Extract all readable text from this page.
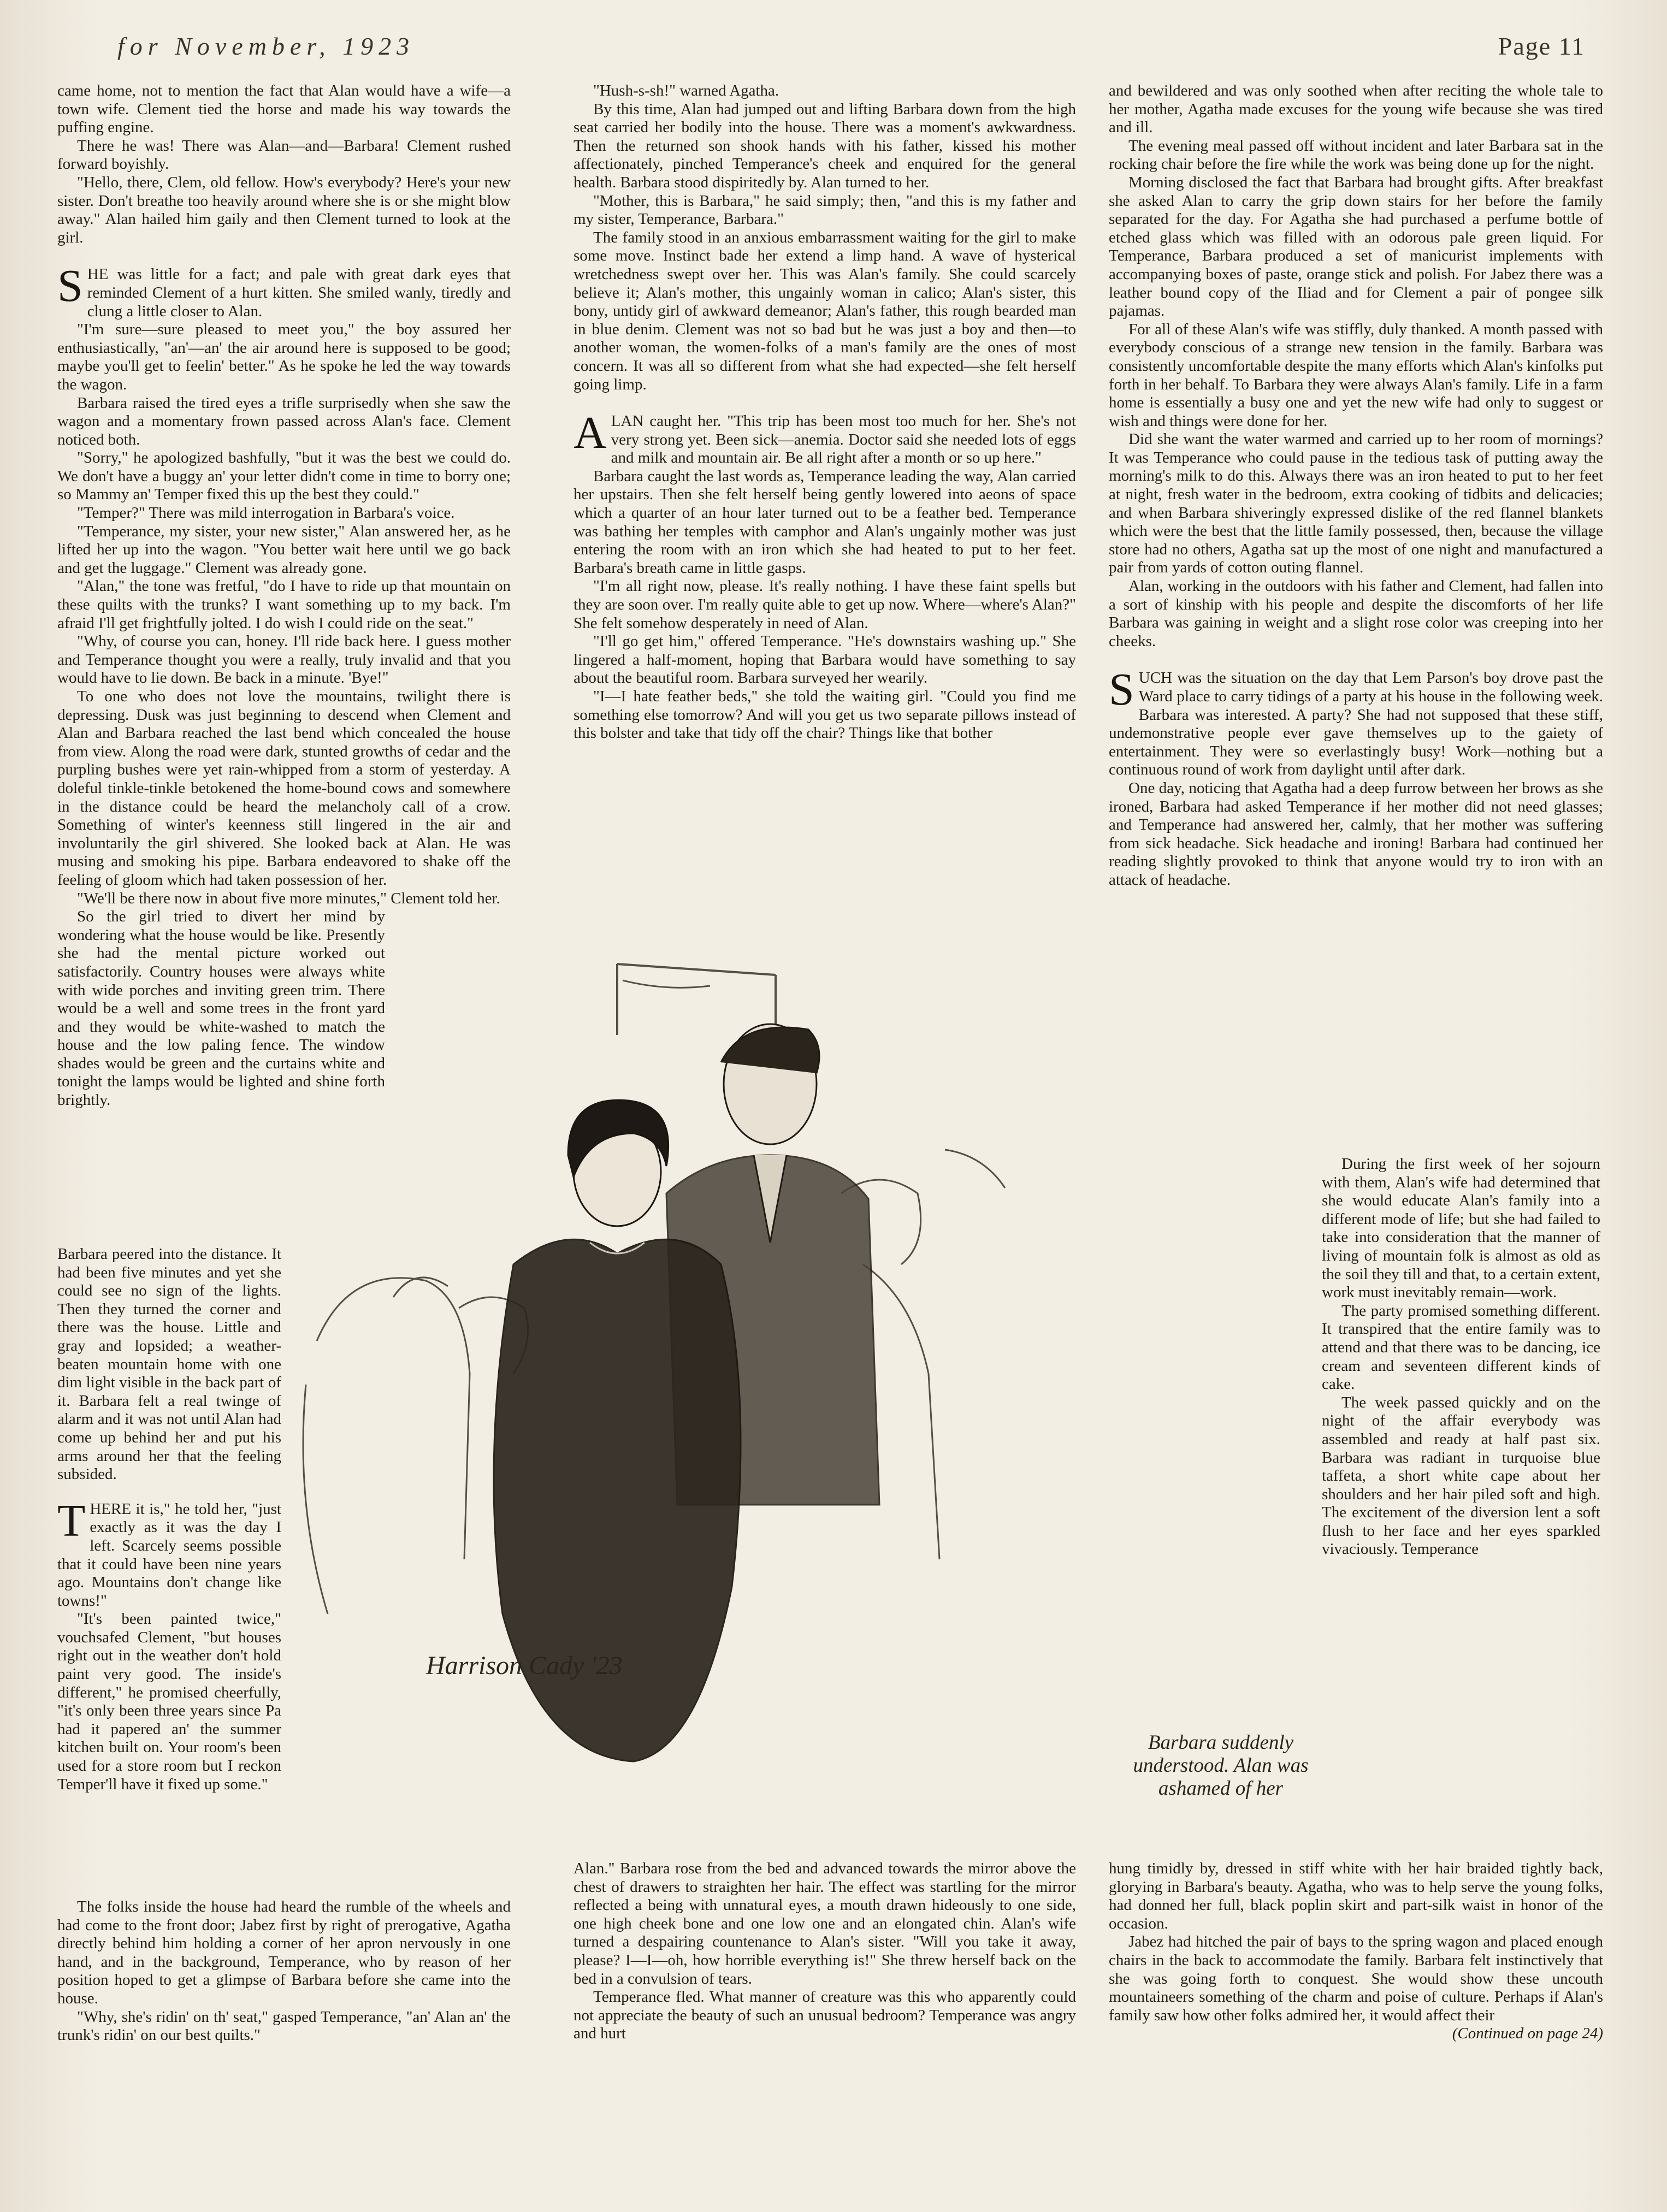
for November, 1923	Page 11

came home, not to mention the fact that Alan would have a wife—a town wife. Clement tied the horse and made his way towards the puffing engine.

There he was! There was Alan—and—Barbara! Clement rushed forward boyishly.

"Hello, there, Clem, old fellow. How's everybody? Here's your new sister. Don't breathe too heavily around where she is or she might blow away." Alan hailed him gaily and then Clement turned to look at the girl.

SHE was little for a fact; and pale with great dark eyes that reminded Clement of a hurt kitten. She smiled wanly, tiredly and clung a little closer to Alan.

"I'm sure—sure pleased to meet you," the boy assured her enthusiastically, "an'—an' the air around here is supposed to be good; maybe you'll get to feelin' better." As he spoke he led the way towards the wagon.

Barbara raised the tired eyes a trifle surprisedly when she saw the wagon and a momentary frown passed across Alan's face. Clement noticed both.

"Sorry," he apologized bashfully, "but it was the best we could do. We don't have a buggy an' your letter didn't come in time to borry one; so Mammy an' Temper fixed this up the best they could."

"Temper?" There was mild interrogation in Barbara's voice.

"Temperance, my sister, your new sister," Alan answered her, as he lifted her up into the wagon. "You better wait here until we go back and get the luggage." Clement was already gone.

"Alan," the tone was fretful, "do I have to ride up that mountain on these quilts with the trunks? I want something up to my back. I'm afraid I'll get frightfully jolted. I do wish I could ride on the seat."

"Why, of course you can, honey. I'll ride back here. I guess mother and Temperance thought you were a really, truly invalid and that you would have to lie down. Be back in a minute. 'Bye!"

To one who does not love the mountains, twilight there is depressing. Dusk was just beginning to descend when Clement and Alan and Barbara reached the last bend which concealed the house from view. Along the road were dark, stunted growths of cedar and the purpling bushes were yet rain-whipped from a storm of yesterday. A doleful tinkle-tinkle betokened the home-bound cows and somewhere in the distance could be heard the melancholy call of a crow. Something of winter's keenness still lingered in the air and involuntarily the girl shivered. She looked back at Alan. He was musing and smoking his pipe. Barbara endeavored to shake off the feeling of gloom which had taken possession of her.

"We'll be there now in about five more minutes," Clement told her.

So the girl tried to divert her mind by wondering what the house would be like. Presently she had the mental picture worked out satisfactorily. Country houses were always white with wide porches and inviting green trim. There would be a well and some trees in the front yard and they would be white-washed to match the house and the low paling fence. The window shades would be green and the curtains white and tonight the lamps would be lighted and shine forth brightly.

Barbara peered into the distance. It had been five minutes and yet she could see no sign of the lights. Then they turned the corner and there was the house. Little and gray and lopsided; a weather-beaten mountain home with one dim light visible in the back part of it. Barbara felt a real twinge of alarm and it was not until Alan had come up behind her and put his arms around her that the feeling subsided.

THERE it is," he told her, "just exactly as it was the day I left. Scarcely seems possible that it could have been nine years ago. Mountains don't change like towns!"

"It's been painted twice," vouchsafed Clement, "but houses right out in the weather don't hold paint very good. The inside's different," he promised cheerfully, "it's only been three years since Pa had it papered an' the summer kitchen built on. Your room's been used for a store room but I reckon Temper'll have it fixed up some."

The folks inside the house had heard the rumble of the wheels and had come to the front door; Jabez first by right of prerogative, Agatha directly behind him holding a corner of her apron nervously in one hand, and in the background, Temperance, who by reason of her position hoped to get a glimpse of Barbara before she came into the house.

"Why, she's ridin' on th' seat," gasped Temperance, "an' Alan an' the trunk's ridin' on our best quilts."

"Hush-s-sh!" warned Agatha.

By this time, Alan had jumped out and lifting Barbara down from the high seat carried her bodily into the house. There was a moment's awkwardness. Then the returned son shook hands with his father, kissed his mother affectionately, pinched Temperance's cheek and enquired for the general health. Barbara stood dispiritedly by. Alan turned to her.

"Mother, this is Barbara," he said simply; then, "and this is my father and my sister, Temperance, Barbara."

The family stood in an anxious embarrassment waiting for the girl to make some move. Instinct bade her extend a limp hand. A wave of hysterical wretchedness swept over her. This was Alan's family. She could scarcely believe it; Alan's mother, this ungainly woman in calico; Alan's sister, this bony, untidy girl of awkward demeanor; Alan's father, this rough bearded man in blue denim. Clement was not so bad but he was just a boy and then—to another woman, the women-folks of a man's family are the ones of most concern. It was all so different from what she had expected—she felt herself going limp.

ALAN caught her. "This trip has been most too much for her. She's not very strong yet. Been sick—anemia. Doctor said she needed lots of eggs and milk and mountain air. Be all right after a month or so up here."

Barbara caught the last words as, Temperance leading the way, Alan carried her upstairs. Then she felt herself being gently lowered into aeons of space which a quarter of an hour later turned out to be a feather bed. Temperance was bathing her temples with camphor and Alan's ungainly mother was just entering the room with an iron which she had heated to put to her feet. Barbara's breath came in little gasps.

"I'm all right now, please. It's really nothing. I have these faint spells but they are soon over. I'm really quite able to get up now. Where—where's Alan?" She felt somehow desperately in need of Alan.

"I'll go get him," offered Temperance. "He's downstairs washing up." She lingered a half-moment, hoping that Barbara would have something to say about the beautiful room. Barbara surveyed her wearily.

"I—I hate feather beds," she told the waiting girl. "Could you find me something else tomorrow? And will you get us two separate pillows instead of this bolster and take that tidy off the chair? Things like that bother

Alan." Barbara rose from the bed and advanced towards the mirror above the chest of drawers to straighten her hair. The effect was startling for the mirror reflected a being with unnatural eyes, a mouth drawn hideously to one side, one high cheek bone and one low one and an elongated chin. Alan's wife turned a despairing countenance to Alan's sister. "Will you take it away, please? I—I—oh, how horrible everything is!" She threw herself back on the bed in a convulsion of tears.

Temperance fled. What manner of creature was this who apparently could not appreciate the beauty of such an unusual bedroom? Temperance was angry and hurt

and bewildered and was only soothed when after reciting the whole tale to her mother, Agatha made excuses for the young wife because she was tired and ill.

The evening meal passed off without incident and later Barbara sat in the rocking chair before the fire while the work was being done up for the night.

Morning disclosed the fact that Barbara had brought gifts. After breakfast she asked Alan to carry the grip down stairs for her before the family separated for the day. For Agatha she had purchased a perfume bottle of etched glass which was filled with an odorous pale green liquid. For Temperance, Barbara produced a set of manicurist implements with accompanying boxes of paste, orange stick and polish. For Jabez there was a leather bound copy of the Iliad and for Clement a pair of pongee silk pajamas.

For all of these Alan's wife was stiffly, duly thanked. A month passed with everybody conscious of a strange new tension in the family. Barbara was consistently uncomfortable despite the many efforts which Alan's kinfolks put forth in her behalf. To Barbara they were always Alan's family. Life in a farm home is essentially a busy one and yet the new wife had only to suggest or wish and things were done for her.

Did she want the water warmed and carried up to her room of mornings? It was Temperance who could pause in the tedious task of putting away the morning's milk to do this. Always there was an iron heated to put to her feet at night, fresh water in the bedroom, extra cooking of tidbits and delicacies; and when Barbara shiveringly expressed dislike of the red flannel blankets which were the best that the little family possessed, then, because the village store had no others, Agatha sat up the most of one night and manufactured a pair from yards of cotton outing flannel.

Alan, working in the outdoors with his father and Clement, had fallen into a sort of kinship with his people and despite the discomforts of her life Barbara was gaining in weight and a slight rose color was creeping into her cheeks.

SUCH was the situation on the day that Lem Parson's boy drove past the Ward place to carry tidings of a party at his house in the following week. Barbara was interested. A party? She had not supposed that these stiff, undemonstrative people ever gave themselves up to the gaiety of entertainment. They were so everlastingly busy! Work—nothing but a continuous round of work from daylight until after dark.

One day, noticing that Agatha had a deep furrow between her brows as she ironed, Barbara had asked Temperance if her mother did not need glasses; and Temperance had answered her, calmly, that her mother was suffering from sick headache. Sick headache and ironing! Barbara had continued her reading slightly provoked to think that anyone would try to iron with an attack of headache.

During the first week of her sojourn with them, Alan's wife had determined that she would educate Alan's family into a different mode of life; but she had failed to take into consideration that the manner of living of mountain folk is almost as old as the soil they till and that, to a certain extent, work must inevitably remain—work.

The party promised something different. It transpired that the entire family was to attend and that there was to be dancing, ice cream and seventeen different kinds of cake.

The week passed quickly and on the night of the affair everybody was assembled and ready at half past six. Barbara was radiant in turquoise blue taffeta, a short white cape about her shoulders and her hair piled soft and high. The excitement of the diversion lent a soft flush to her face and her eyes sparkled vivaciously. Temperance

hung timidly by, dressed in stiff white with her hair braided tightly back, glorying in Barbara's beauty. Agatha, who was to help serve the young folks, had donned her full, black poplin skirt and part-silk waist in honor of the occasion.

Jabez had hitched the pair of bays to the spring wagon and placed enough chairs in the back to accommodate the family. Barbara felt instinctively that she was going forth to conquest. She would show these uncouth mountaineers something of the charm and poise of culture. Perhaps if Alan's family saw how other folks admired her, it would affect their

(Continued on page 24)

Harrison Cady '23
Barbara suddenly understood. Alan was ashamed of her
